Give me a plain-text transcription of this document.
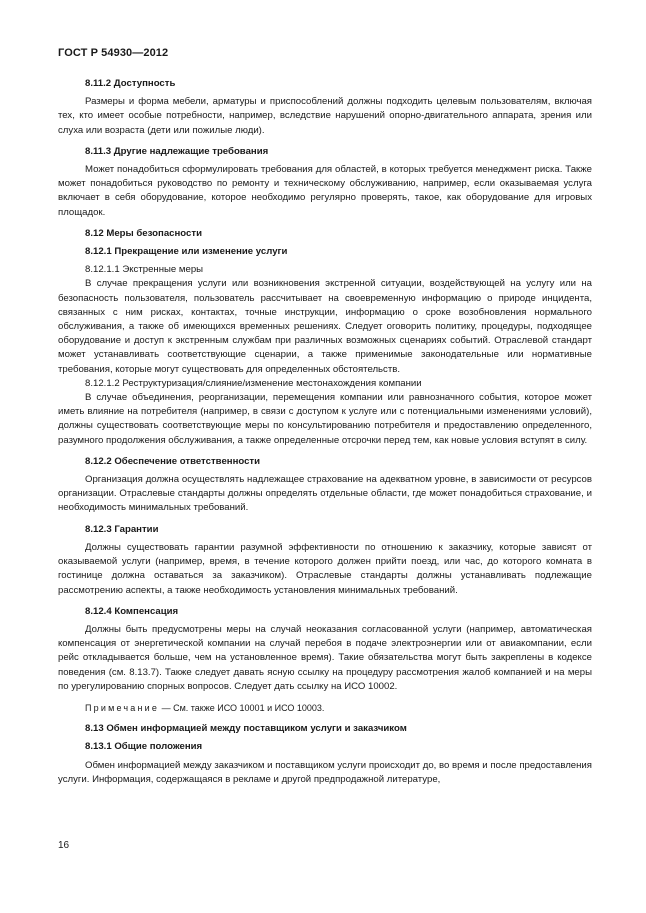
ГОСТ Р 54930—2012
8.11.2 Доступность
Размеры и форма мебели, арматуры и приспособлений должны подходить целевым пользователям, включая тех, кто имеет особые потребности, например, вследствие нарушений опорно-двигательного аппарата, зрения или слуха или возраста (дети или пожилые люди).
8.11.3 Другие надлежащие требования
Может понадобиться сформулировать требования для областей, в которых требуется менеджмент риска. Также может понадобиться руководство по ремонту и техническому обслуживанию, например, если оказываемая услуга включает в себя оборудование, которое необходимо регулярно проверять, такое, как оборудование для игровых площадок.
8.12 Меры безопасности
8.12.1 Прекращение или изменение услуги
8.12.1.1 Экстренные меры
В случае прекращения услуги или возникновения экстренной ситуации, воздействующей на услугу или на безопасность пользователя, пользователь рассчитывает на своевременную информацию о природе инцидента, связанных с ним рисках, контактах, точные инструкции, информацию о сроке возобновления нормального обслуживания, а также об имеющихся временных решениях. Следует оговорить политику, процедуры, подходящее оборудование и доступ к экстренным службам при различных возможных сценариях событий. Отраслевой стандарт может устанавливать соответствующие сценарии, а также применимые законодательные или нормативные требования, которые могут существовать для определенных обстоятельств.
8.12.1.2 Реструктуризация/слияние/изменение местонахождения компании
В случае объединения, реорганизации, перемещения компании или равнозначного события, которое может иметь влияние на потребителя (например, в связи с доступом к услуге или с потенциальными изменениями условий), должны существовать соответствующие меры по консультированию потребителя и предоставлению определенного, разумного продолжения обслуживания, а также определенные отсрочки перед тем, как новые условия вступят в силу.
8.12.2 Обеспечение ответственности
Организация должна осуществлять надлежащее страхование на адекватном уровне, в зависимости от ресурсов организации. Отраслевые стандарты должны определять отдельные области, где может понадобиться страхование, и необходимость минимальных требований.
8.12.3 Гарантии
Должны существовать гарантии разумной эффективности по отношению к заказчику, которые зависят от оказываемой услуги (например, время, в течение которого должен прийти поезд, или час, до которого комната в гостинице должна оставаться за заказчиком). Отраслевые стандарты должны устанавливать подлежащие рассмотрению аспекты, а также необходимость установления минимальных требований.
8.12.4 Компенсация
Должны быть предусмотрены меры на случай неоказания согласованной услуги (например, автоматическая компенсация от энергетической компании на случай перебоя в подаче электроэнергии или от авиакомпании, если рейс откладывается больше, чем на установленное время). Такие обязательства могут быть закреплены в кодексе поведения (см. 8.13.7). Также следует давать ясную ссылку на процедуру рассмотрения жалоб компанией и на меры по урегулированию спорных вопросов. Следует дать ссылку на ИСО 10002.
Примечание — См. также ИСО 10001 и ИСО 10003.
8.13 Обмен информацией между поставщиком услуги и заказчиком
8.13.1 Общие положения
Обмен информацией между заказчиком и поставщиком услуги происходит до, во время и после предоставления услуги. Информация, содержащаяся в рекламе и другой предпродажной литературе,
16
